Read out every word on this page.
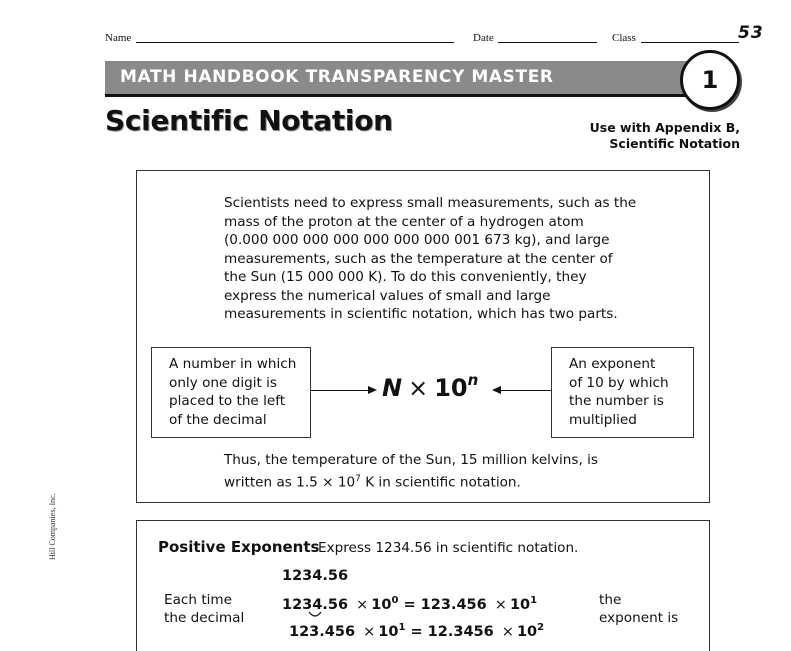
Name	Date	Class	53
MATH HANDBOOK TRANSPARENCY MASTER	1
Scientific Notation	Use with Appendix B,
Scientific Notation

Scientists need to express small measurements, such as the

mass of the proton at the center of a hydrogen atom

(0.000 000 000 000 000 000 000 001 673 kg), and large

measurements, such as the temperature at the center of

the Sun (15 000 000 K). To do this conveniently, they

express the numerical values of small and large

measurements in scientific notation, which has two parts.

A number in which
only one digit is
placed to the left
of the decimal
An exponent
of 10 by which
the number is
multiplied
$N \times 10^n$

Thus, the temperature of the Sun, 15 million kelvins, is

written as $1.5 \times 10^7$ K in scientific notation.

Positive Exponents
Express 1234.56 in scientific notation.
1234.56
$1234.56 \times 10^0 = 123.456 \times 10^1$
$123.456 \times 10^1 = 12.3456 \times 10^2$
Each time
the decimal
the
exponent is
Hill Companies, Inc.
